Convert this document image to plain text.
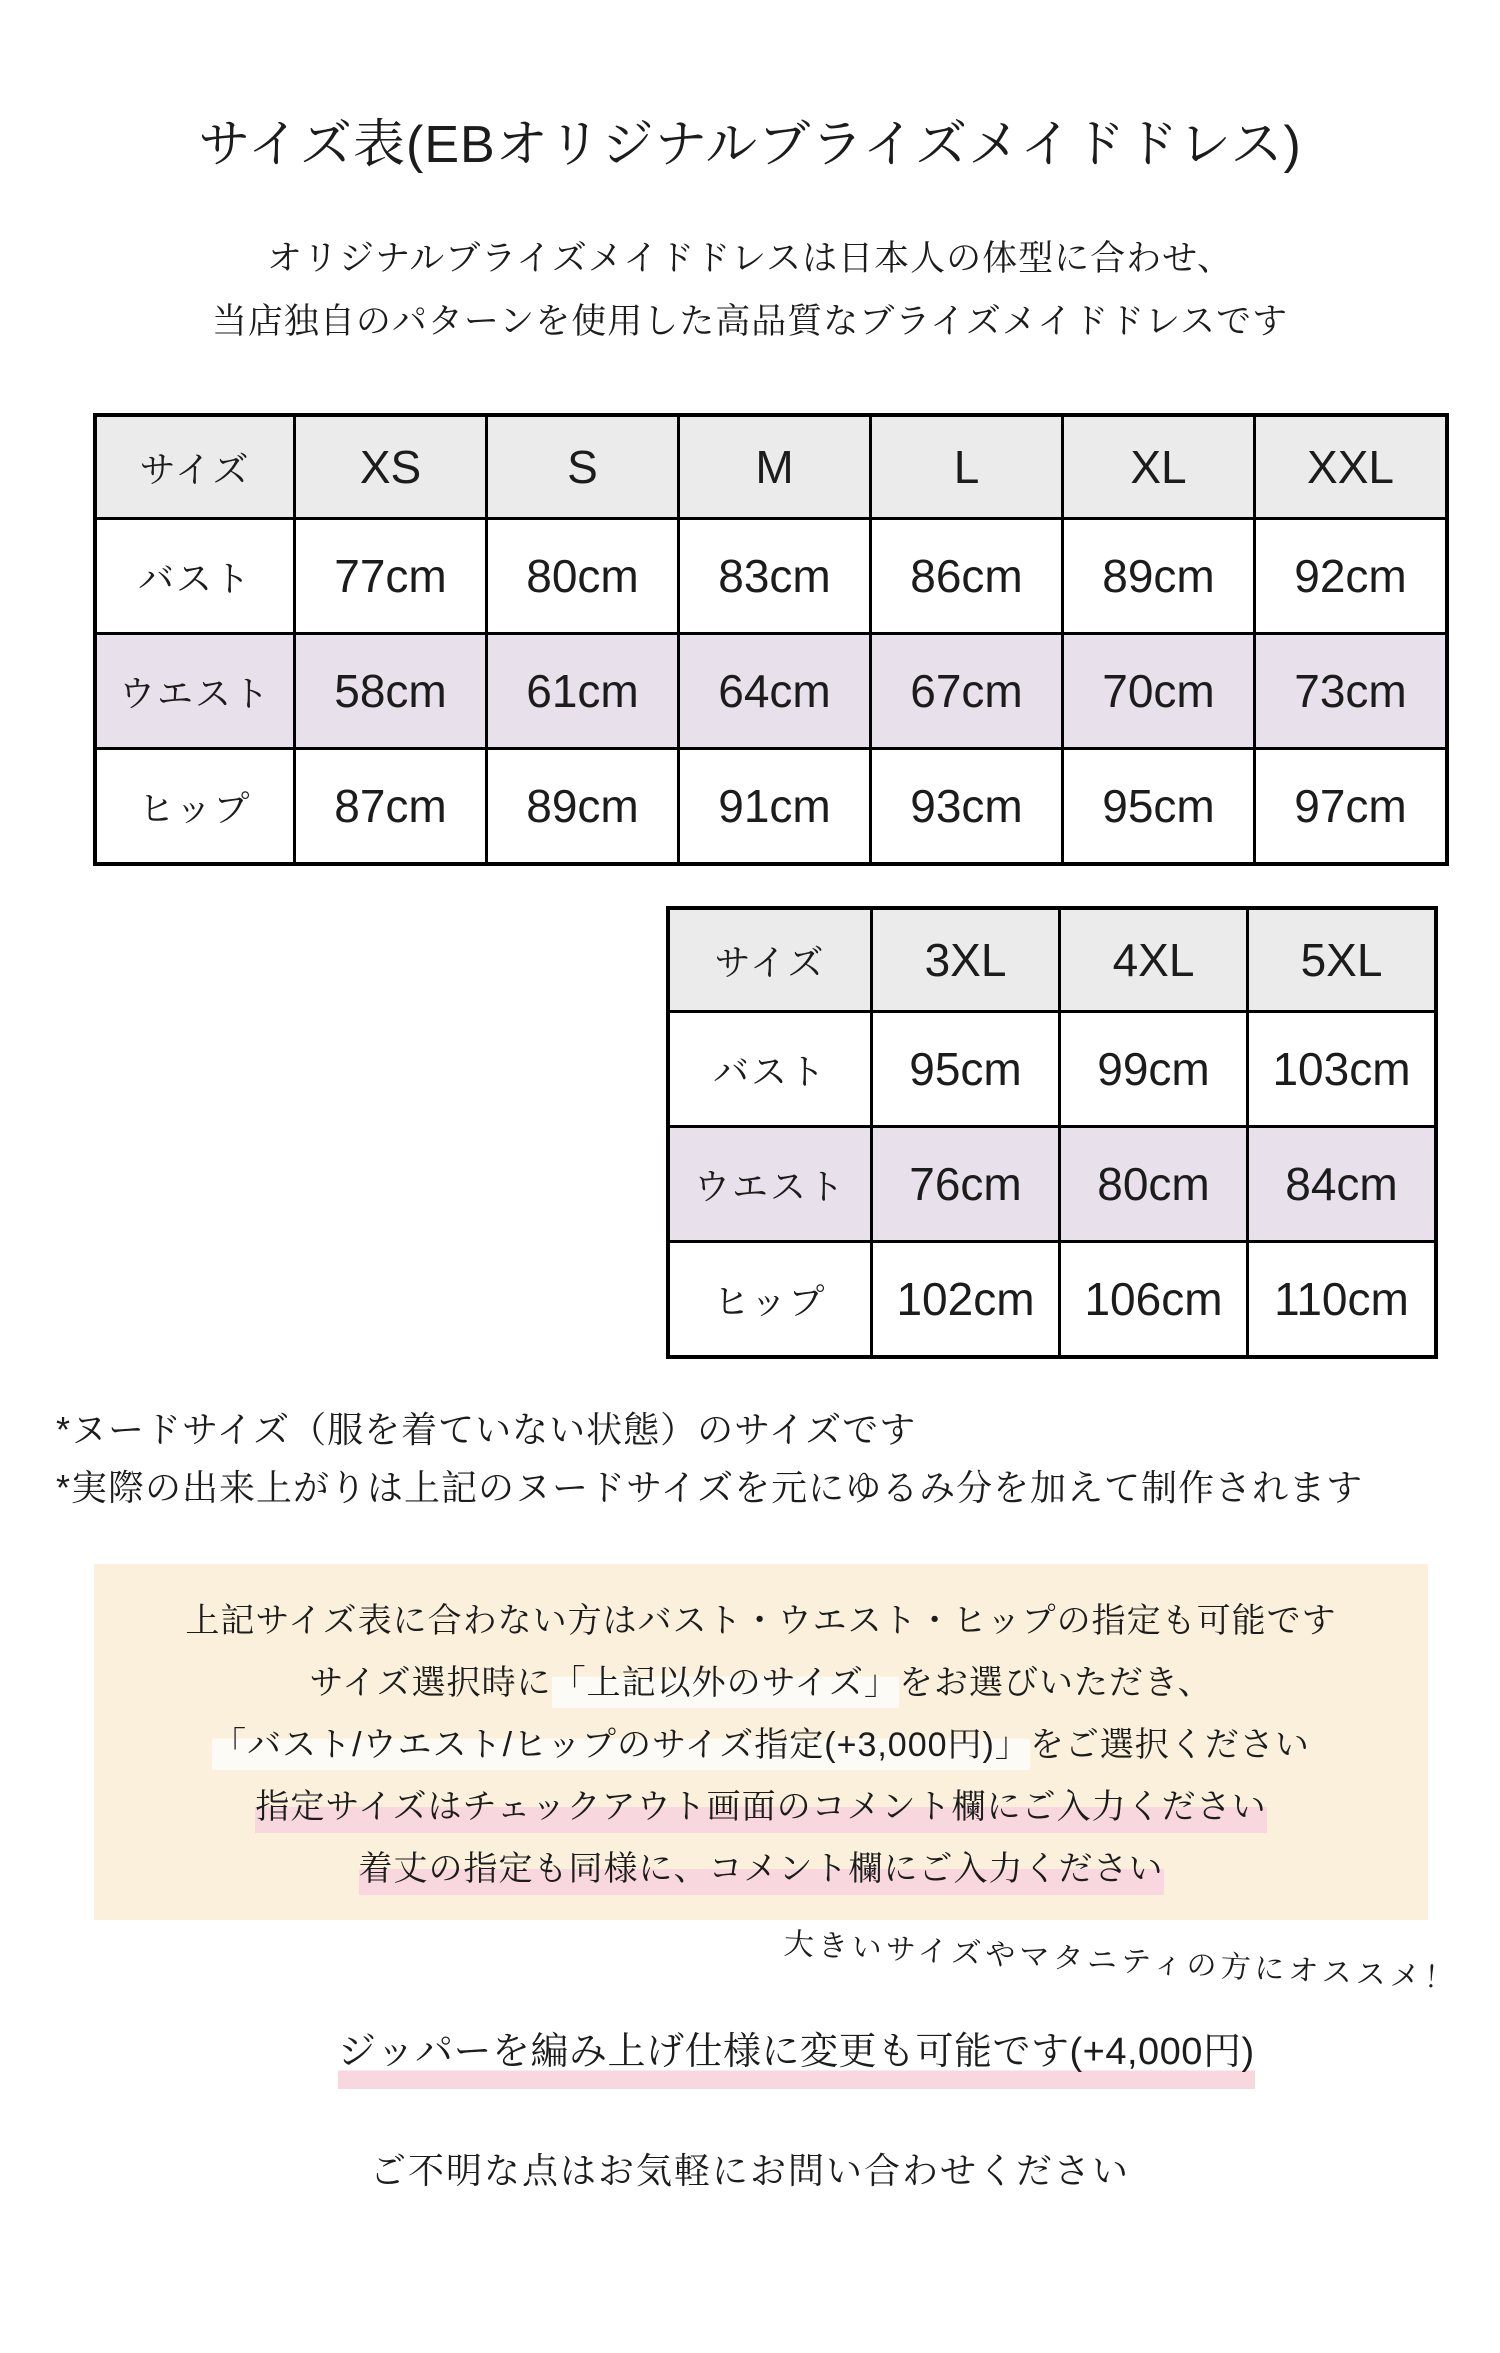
サイズ表(EBオリジナルブライズメイドドレス)
オリジナルブライズメイドドレスは日本人の体型に合わせ、
当店独自のパターンを使用した高品質なブライズメイドドレスです
サイズ	XS	S	M	L	XL	XXL
バスト	77cm	80cm	83cm	86cm	89cm	92cm
ウエスト	58cm	61cm	64cm	67cm	70cm	73cm
ヒップ	87cm	89cm	91cm	93cm	95cm	97cm
サイズ	3XL	4XL	5XL
バスト	95cm	99cm	103cm
ウエスト	76cm	80cm	84cm
ヒップ	102cm	106cm	110cm
*ヌードサイズ（服を着ていない状態）のサイズです
*実際の出来上がりは上記のヌードサイズを元にゆるみ分を加えて制作されます
上記サイズ表に合わない方はバスト・ウエスト・ヒップの指定も可能です
サイズ選択時に「上記以外のサイズ」をお選びいただき、
「バスト/ウエスト/ヒップのサイズ指定(+3,000円)」をご選択ください
指定サイズはチェックアウト画面のコメント欄にご入力ください
着丈の指定も同様に、コメント欄にご入力ください
大きいサイズやマタニティの方にオススメ！
ジッパーを編み上げ仕様に変更も可能です(+4,000円)
ご不明な点はお気軽にお問い合わせください
